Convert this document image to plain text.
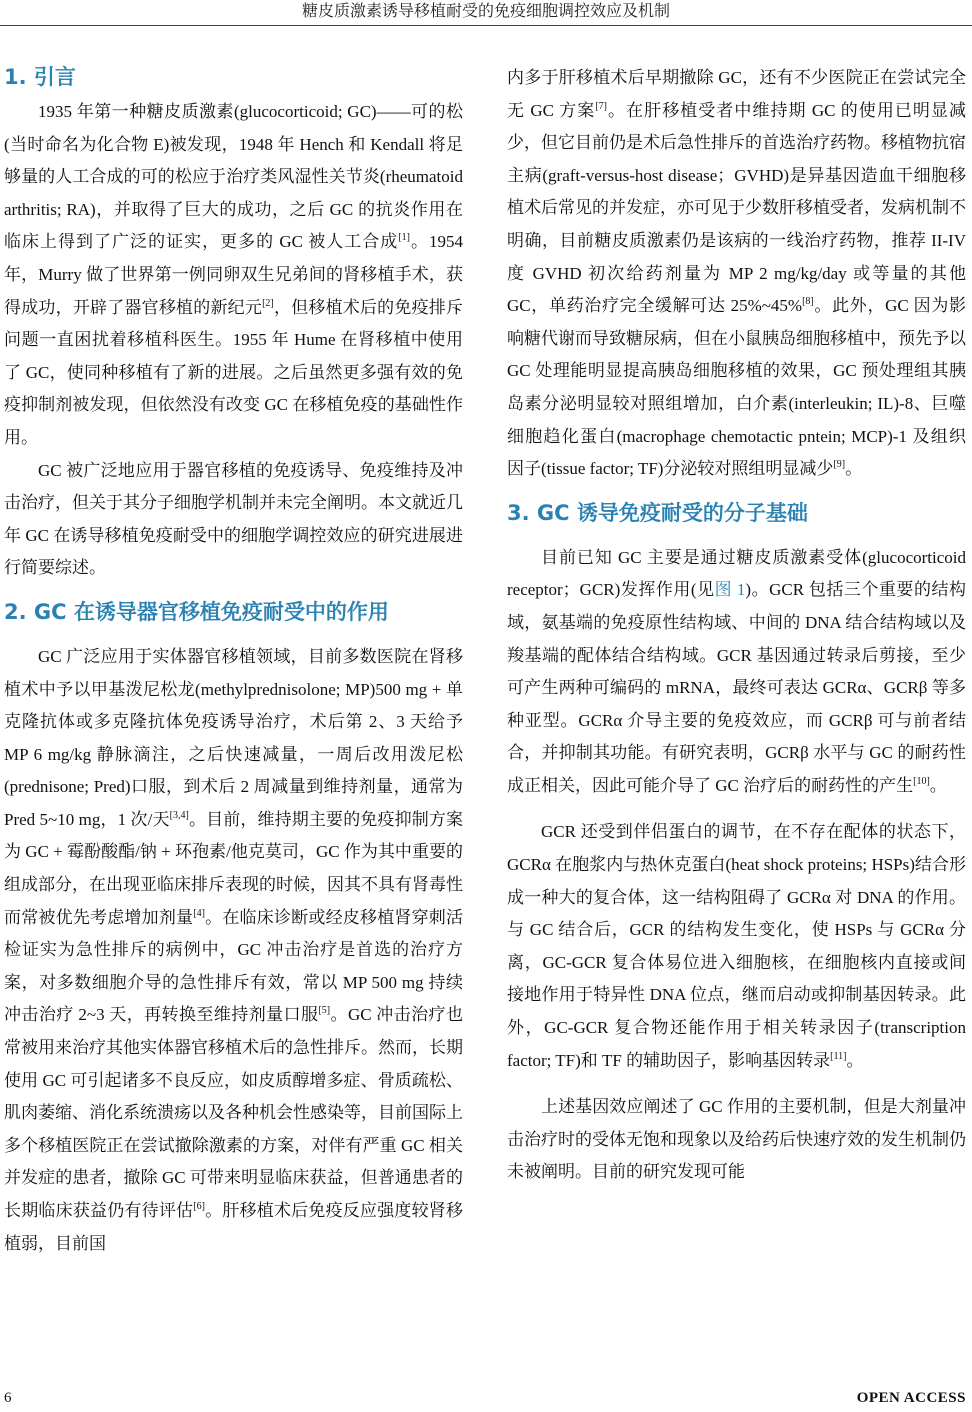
糖皮质激素诱导移植耐受的免疫细胞调控效应及机制
1. 引言

1935 年第一种糖皮质激素(glucocorticoid; GC)——可的松(当时命名为化合物 E)被发现，1948 年 Hench 和 Kendall 将足够量的人工合成的可的松应于治疗类风湿性关节炎(rheumatoid arthritis; RA)，并取得了巨大的成功，之后 GC 的抗炎作用在临床上得到了广泛的证实，更多的 GC 被人工合成[1]。1954 年，Murry 做了世界第一例同卵双生兄弟间的肾移植手术，获得成功，开辟了器官移植的新纪元[2]，但移植术后的免疫排斥问题一直困扰着移植科医生。1955 年 Hume 在肾移植中使用了 GC，使同种移植有了新的进展。之后虽然更多强有效的免疫抑制剂被发现，但依然没有改变 GC 在移植免疫的基础性作用。

GC 被广泛地应用于器官移植的免疫诱导、免疫维持及冲击治疗，但关于其分子细胞学机制并未完全阐明。本文就近几年 GC 在诱导移植免疫耐受中的细胞学调控效应的研究进展进行简要综述。

2. GC 在诱导器官移植免疫耐受中的作用

GC 广泛应用于实体器官移植领域，目前多数医院在肾移植术中予以甲基泼尼松龙(methylprednisolone; MP)500 mg + 单克隆抗体或多克隆抗体免疫诱导治疗，术后第 2、3 天给予 MP 6 mg/kg 静脉滴注，之后快速减量，一周后改用泼尼松(prednisone; Pred)口服，到术后 2 周减量到维持剂量，通常为 Pred 5~10 mg，1 次/天[3,4]。目前，维持期主要的免疫抑制方案为 GC + 霉酚酸酯/钠 + 环孢素/他克莫司，GC 作为其中重要的组成部分，在出现亚临床排斥表现的时候，因其不具有肾毒性而常被优先考虑增加剂量[4]。在临床诊断或经皮移植肾穿刺活检证实为急性排斥的病例中，GC 冲击治疗是首选的治疗方案，对多数细胞介导的急性排斥有效，常以 MP 500 mg 持续冲击治疗 2~3 天，再转换至维持剂量口服[5]。GC 冲击治疗也常被用来治疗其他实体器官移植术后的急性排斥。然而，长期使用 GC 可引起诸多不良反应，如皮质醇增多症、骨质疏松、肌肉萎缩、消化系统溃疡以及各种机会性感染等，目前国际上多个移植医院正在尝试撤除激素的方案，对伴有严重 GC 相关并发症的患者，撤除 GC 可带来明显临床获益，但普通患者的长期临床获益仍有待评估[6]。肝移植术后免疫反应强度较肾移植弱，目前国

内多于肝移植术后早期撤除 GC，还有不少医院正在尝试完全无 GC 方案[7]。在肝移植受者中维持期 GC 的使用已明显减少，但它目前仍是术后急性排斥的首选治疗药物。移植物抗宿主病(graft-versus-host disease；GVHD)是异基因造血干细胞移植术后常见的并发症，亦可见于少数肝移植受者，发病机制不明确，目前糖皮质激素仍是该病的一线治疗药物，推荐 II-IV 度 GVHD 初次给药剂量为 MP 2 mg/kg/day 或等量的其他 GC，单药治疗完全缓解可达 25%~45%[8]。此外，GC 因为影响糖代谢而导致糖尿病，但在小鼠胰岛细胞移植中，预先予以 GC 处理能明显提高胰岛细胞移植的效果，GC 预处理组其胰岛素分泌明显较对照组增加，白介素(interleukin; IL)-8、巨噬细胞趋化蛋白(macrophage chemotactic pntein; MCP)-1 及组织因子(tissue factor; TF)分泌较对照组明显减少[9]。

3. GC 诱导免疫耐受的分子基础

目前已知 GC 主要是通过糖皮质激素受体(glucocorticoid receptor；GCR)发挥作用(见图 1)。GCR 包括三个重要的结构域，氨基端的免疫原性结构域、中间的 DNA 结合结构域以及羧基端的配体结合结构域。GCR 基因通过转录后剪接，至少可产生两种可编码的 mRNA，最终可表达 GCRα、GCRβ 等多种亚型。GCRα 介导主要的免疫效应，而 GCRβ 可与前者结合，并抑制其功能。有研究表明，GCRβ 水平与 GC 的耐药性成正相关，因此可能介导了 GC 治疗后的耐药性的产生[10]。

GCR 还受到伴侣蛋白的调节，在不存在配体的状态下，GCRα 在胞浆内与热休克蛋白(heat shock proteins; HSPs)结合形成一种大的复合体，这一结构阻碍了 GCRα 对 DNA 的作用。与 GC 结合后，GCR 的结构发生变化，使 HSPs 与 GCRα 分离，GC-GCR 复合体易位进入细胞核，在细胞核内直接或间接地作用于特异性 DNA 位点，继而启动或抑制基因转录。此外，GC-GCR 复合物还能作用于相关转录因子(transcription factor; TF)和 TF 的辅助因子，影响基因转录[11]。

上述基因效应阐述了 GC 作用的主要机制，但是大剂量冲击治疗时的受体无饱和现象以及给药后快速疗效的发生机制仍未被阐明。目前的研究发现可能

6	OPEN ACCESS
